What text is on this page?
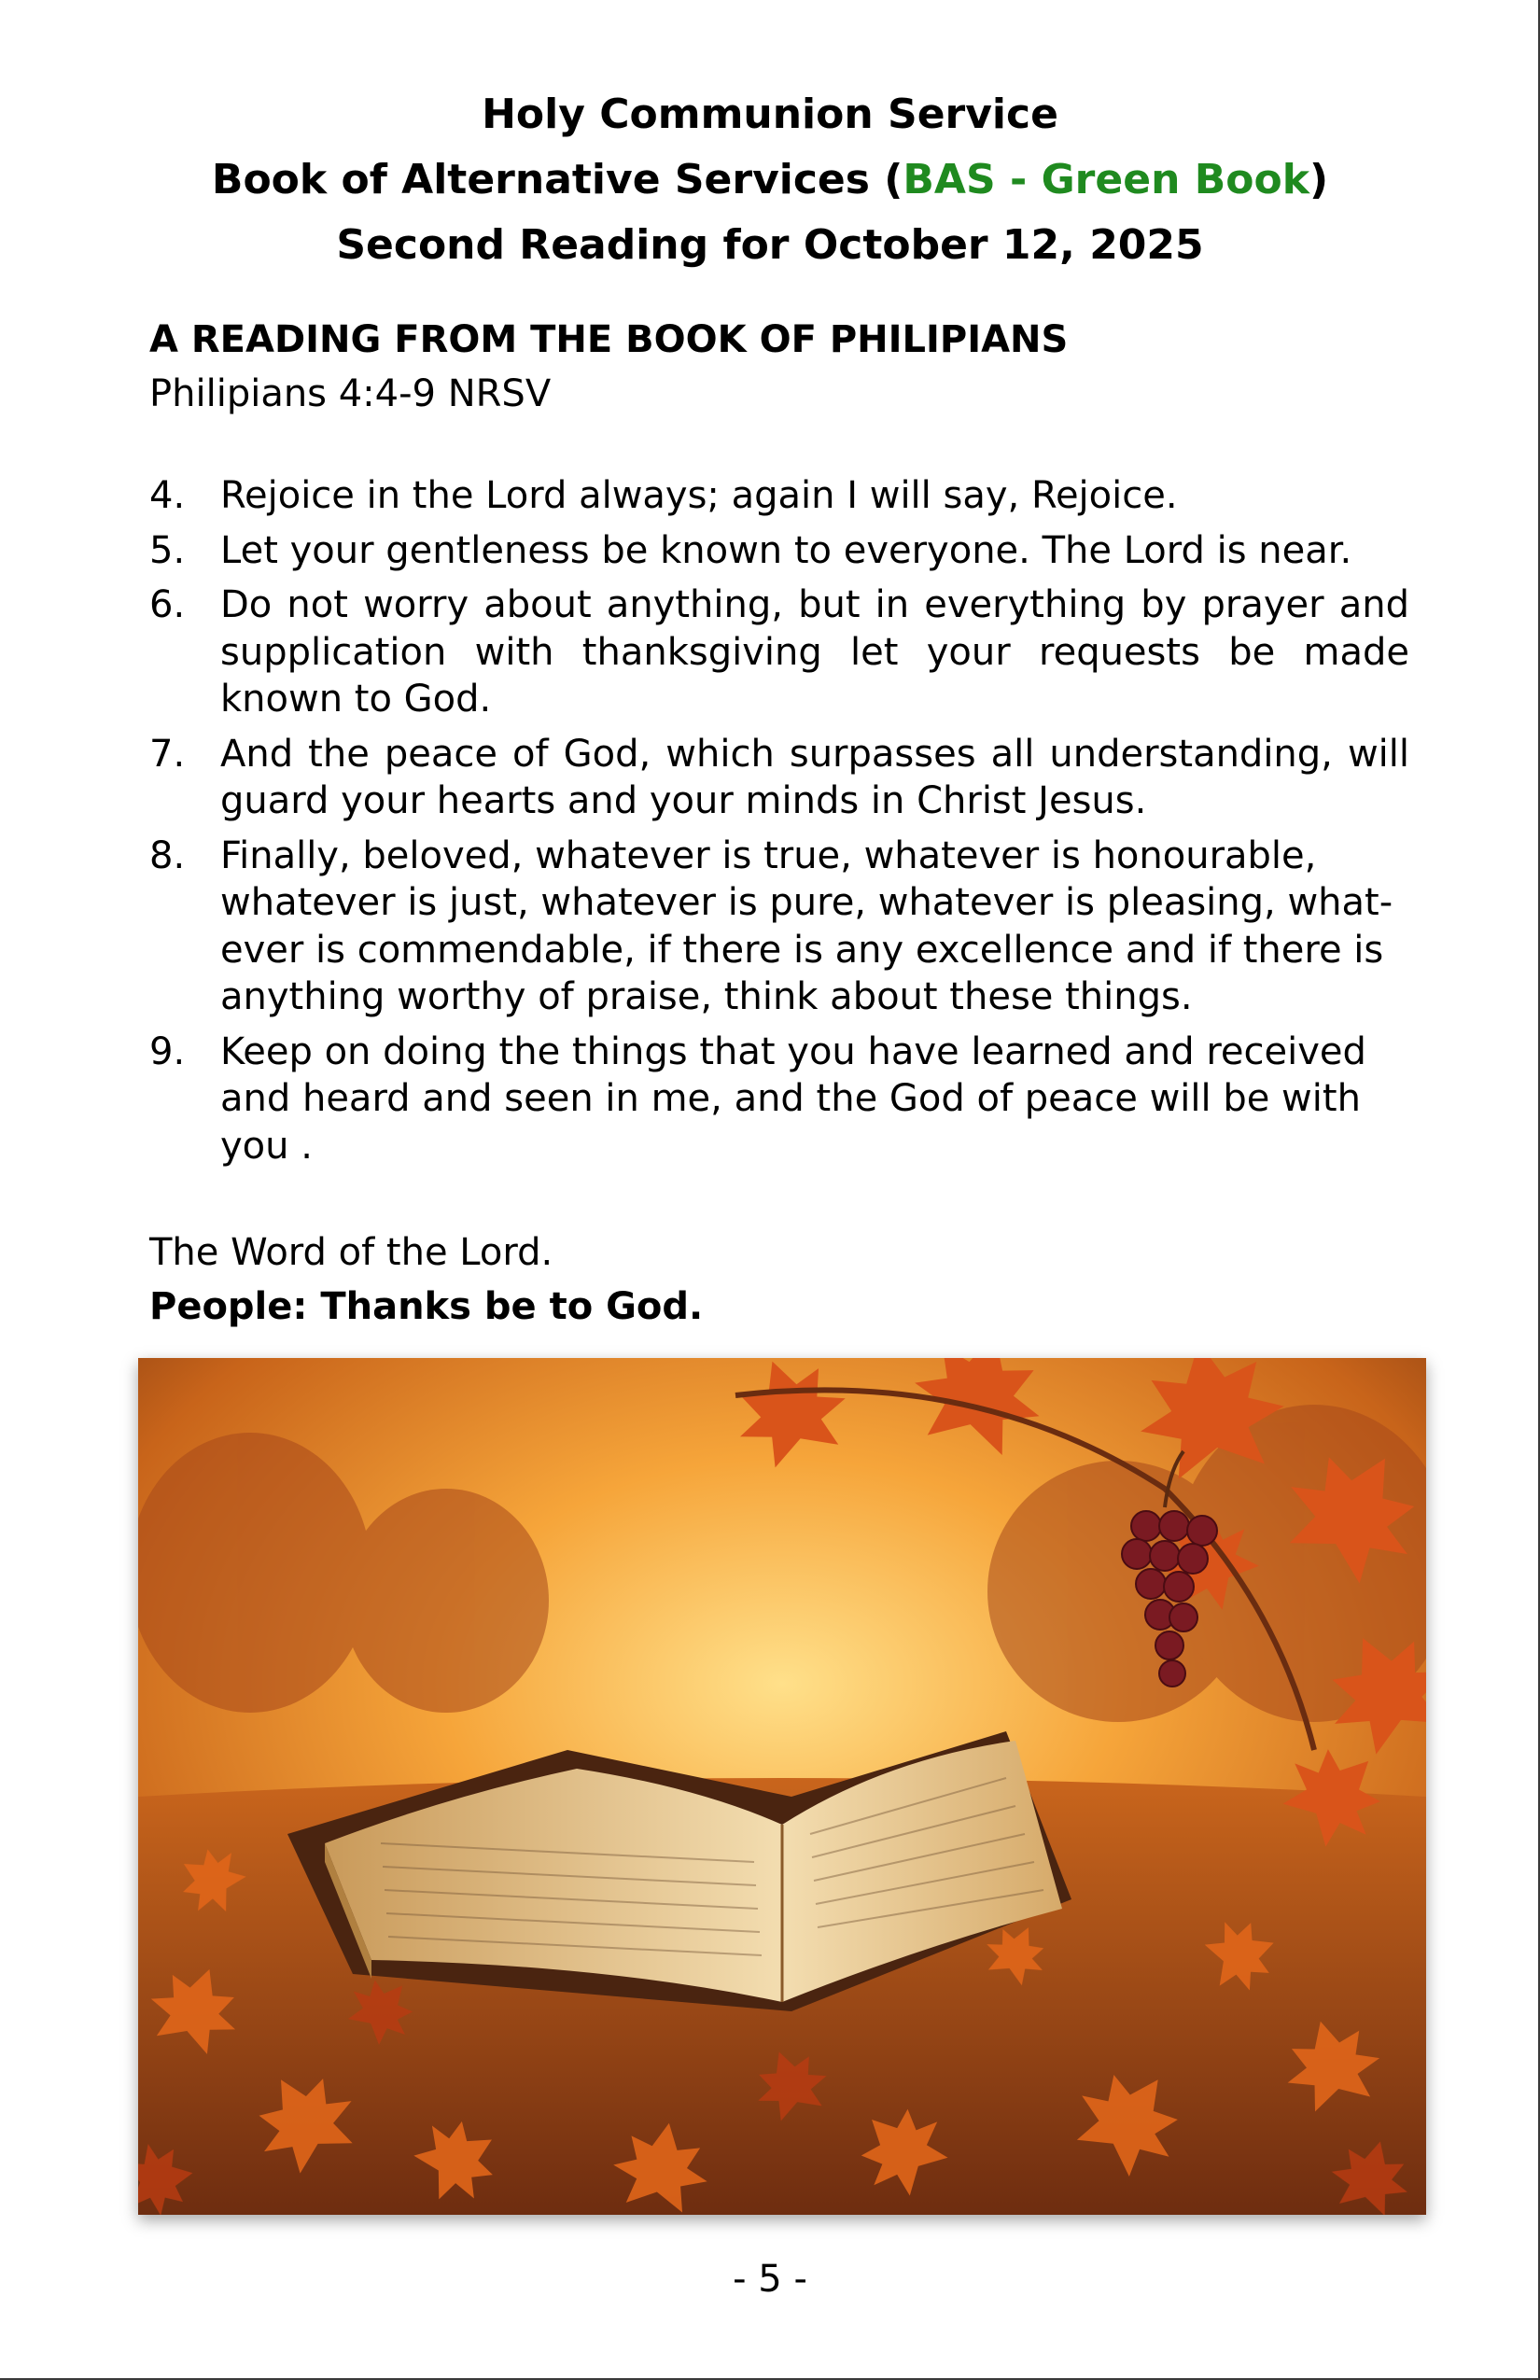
Holy Communion Service
Book of Alternative Services (BAS - Green Book)
Second Reading for October 12, 2025
A READING FROM THE BOOK OF PHILIPIANS
Philipians 4:4-9 NRSV
4. Rejoice in the Lord always; again I will say, Rejoice.
5. Let your gentleness be known to everyone. The Lord is near.
6. Do not worry about anything, but in everything by prayer and supplication with thanksgiving let your requests be made known to God.
7. And the peace of God, which surpasses all understanding, will guard your hearts and your minds in Christ Jesus.
8. Finally, beloved, whatever is true, whatever is honourable, whatever is just, whatever is pure, whatever is pleasing, what-ever is commendable, if there is any excellence and if there is anything worthy of praise, think about these things.
9. Keep on doing the things that you have learned and received and heard and seen in me, and the God of peace will be with you .
The Word of the Lord.
People: Thanks be to God.
- 5 -
